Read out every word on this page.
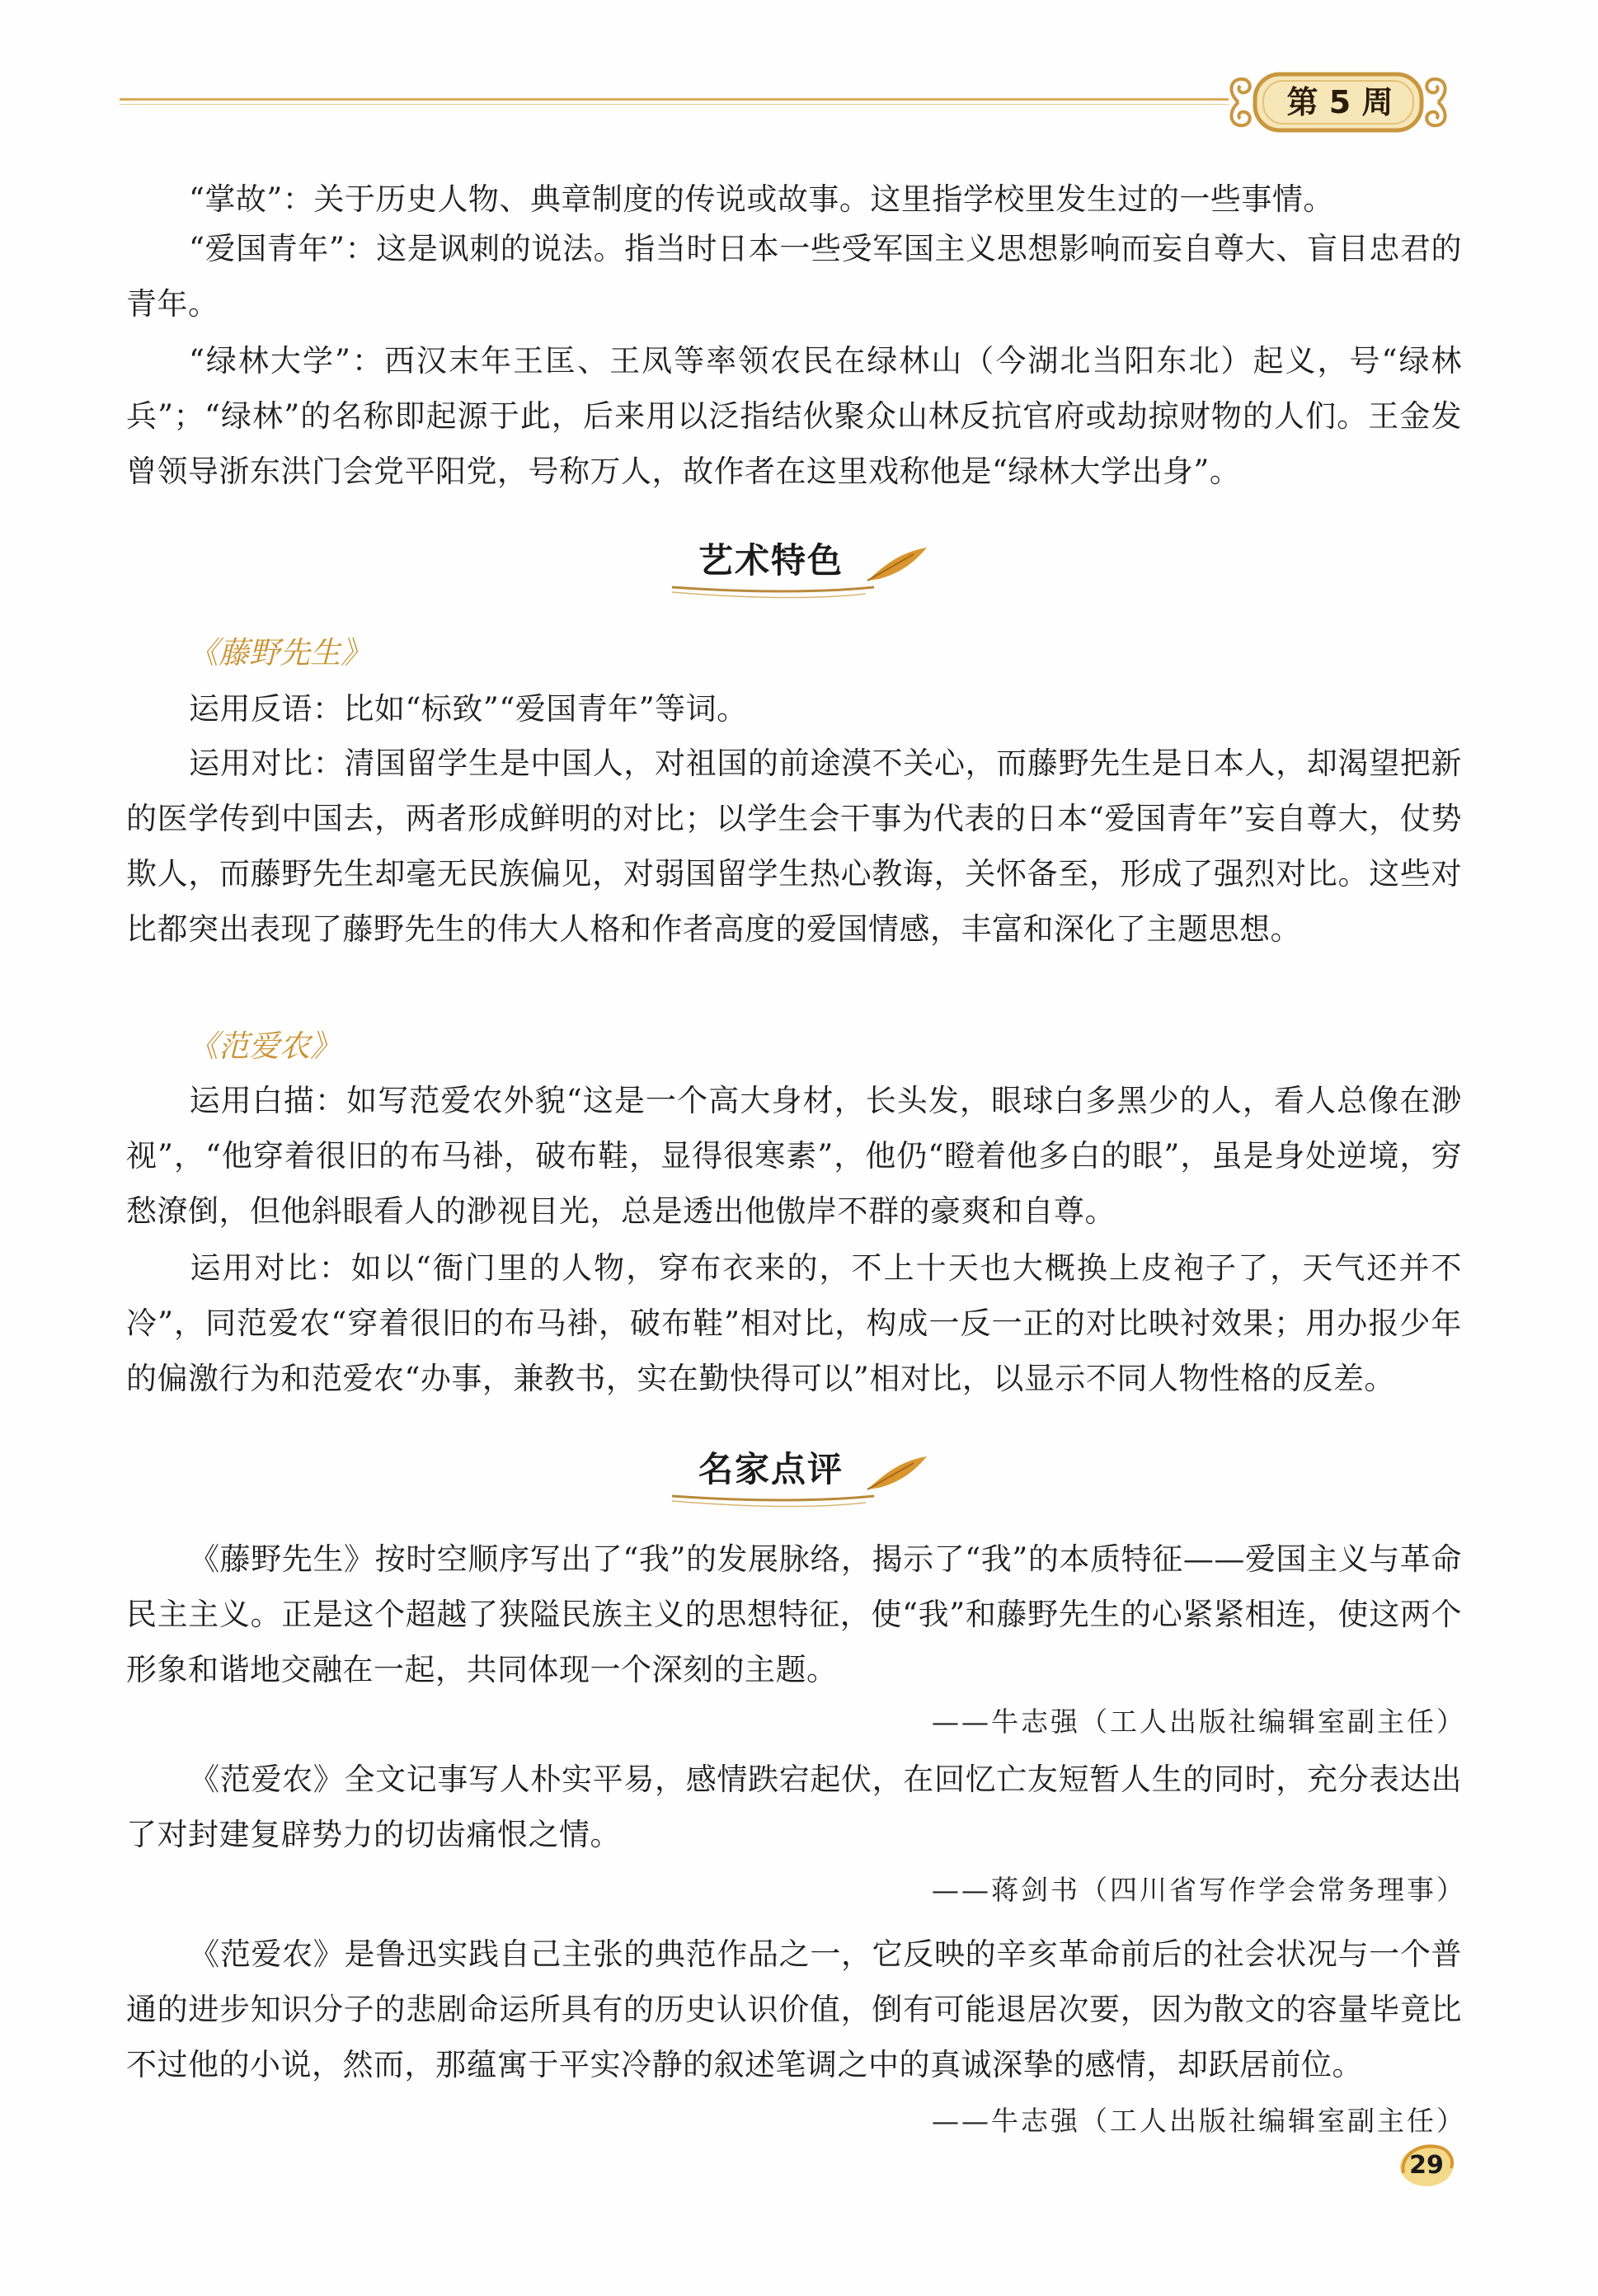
第 5 周
“掌故”：关于历史人物、典章制度的传说或故事。这里指学校里发生过的一些事情。
“爱国青年”：这是讽刺的说法。指当时日本一些受军国主义思想影响而妄自尊大、盲目忠君的青年。
“绿林大学”：西汉末年王匡、王凤等率领农民在绿林山（今湖北当阳东北）起义，号“绿林兵”；“绿林”的名称即起源于此，后来用以泛指结伙聚众山林反抗官府或劫掠财物的人们。王金发曾领导浙东洪门会党平阳党，号称万人，故作者在这里戏称他是“绿林大学出身”。
艺术特色
《藤野先生》
运用反语：比如“标致”“爱国青年”等词。
运用对比：清国留学生是中国人，对祖国的前途漠不关心，而藤野先生是日本人，却渴望把新的医学传到中国去，两者形成鲜明的对比；以学生会干事为代表的日本“爱国青年”妄自尊大，仗势欺人，而藤野先生却毫无民族偏见，对弱国留学生热心教诲，关怀备至，形成了强烈对比。这些对比都突出表现了藤野先生的伟大人格和作者高度的爱国情感，丰富和深化了主题思想。
《范爱农》
运用白描：如写范爱农外貌“这是一个高大身材，长头发，眼球白多黑少的人，看人总像在渺视”，“他穿着很旧的布马褂，破布鞋，显得很寒素”，他仍“瞪着他多白的眼”，虽是身处逆境，穷愁潦倒，但他斜眼看人的渺视目光，总是透出他傲岸不群的豪爽和自尊。
运用对比：如以“衙门里的人物，穿布衣来的，不上十天也大概换上皮袍子了，天气还并不冷”，同范爱农“穿着很旧的布马褂，破布鞋”相对比，构成一反一正的对比映衬效果；用办报少年的偏激行为和范爱农“办事，兼教书，实在勤快得可以”相对比，以显示不同人物性格的反差。
名家点评
《藤野先生》按时空顺序写出了“我”的发展脉络，揭示了“我”的本质特征——爱国主义与革命民主主义。正是这个超越了狭隘民族主义的思想特征，使“我”和藤野先生的心紧紧相连，使这两个形象和谐地交融在一起，共同体现一个深刻的主题。
——牛志强（工人出版社编辑室副主任）
《范爱农》全文记事写人朴实平易，感情跌宕起伏，在回忆亡友短暂人生的同时，充分表达出了对封建复辟势力的切齿痛恨之情。
——蒋剑书（四川省写作学会常务理事）
《范爱农》是鲁迅实践自己主张的典范作品之一，它反映的辛亥革命前后的社会状况与一个普通的进步知识分子的悲剧命运所具有的历史认识价值，倒有可能退居次要，因为散文的容量毕竟比不过他的小说，然而，那蕴寓于平实冷静的叙述笔调之中的真诚深挚的感情，却跃居前位。
——牛志强（工人出版社编辑室副主任）
29
